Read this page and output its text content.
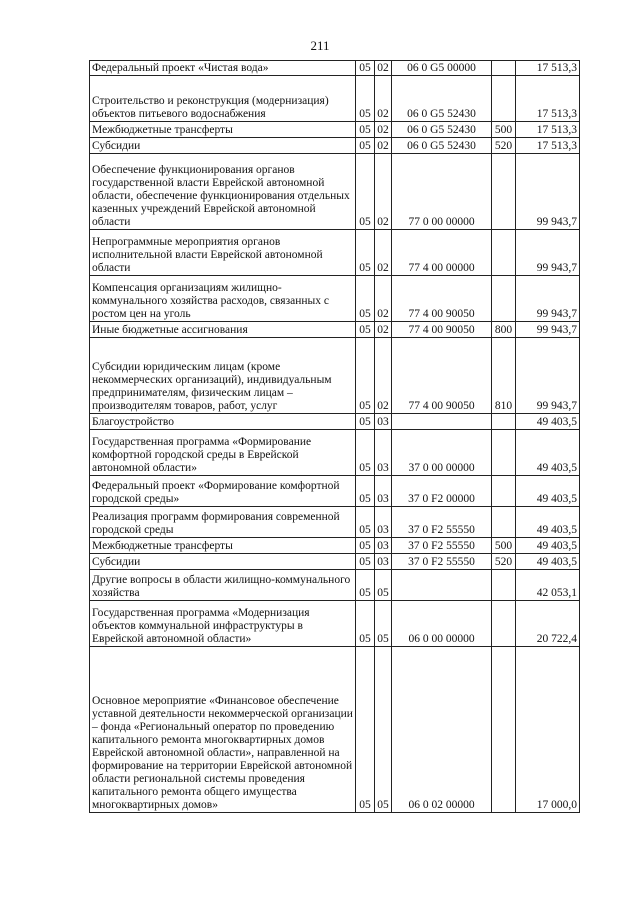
211
Федеральный проект «Чистая вода»	05	02	06 0 G5 00000		17 513,3
Строительство и реконструкция (модернизация) объектов питьевого водоснабжения	05	02	06 0 G5 52430		17 513,3
Межбюджетные трансферты	05	02	06 0 G5 52430	500	17 513,3
Субсидии	05	02	06 0 G5 52430	520	17 513,3
Обеспечение функционирования органов государственной власти Еврейской автономной области, обеспечение функционирования отдельных казенных учреждений Еврейской автономной области	05	02	77 0 00 00000		99 943,7
Непрограммные мероприятия органов исполнительной власти Еврейской автономной области	05	02	77 4 00 00000		99 943,7
Компенсация организациям жилищно-коммунального хозяйства расходов, связанных с ростом цен на уголь	05	02	77 4 00 90050		99 943,7
Иные бюджетные ассигнования	05	02	77 4 00 90050	800	99 943,7
Субсидии юридическим лицам (кроме некоммерческих организаций), индивидуальным предпринимателям, физическим лицам – производителям товаров, работ, услуг	05	02	77 4 00 90050	810	99 943,7
Благоустройство	05	03			49 403,5
Государственная программа «Формирование комфортной городской среды в Еврейской автономной области»	05	03	37 0 00 00000		49 403,5
Федеральный проект «Формирование комфортной городской среды»	05	03	37 0 F2 00000		49 403,5
Реализация программ формирования современной городской среды	05	03	37 0 F2 55550		49 403,5
Межбюджетные трансферты	05	03	37 0 F2 55550	500	49 403,5
Субсидии	05	03	37 0 F2 55550	520	49 403,5
Другие вопросы в области жилищно-коммунального хозяйства	05	05			42 053,1
Государственная программа «Модернизация объектов коммунальной инфраструктуры в Еврейской автономной области»	05	05	06 0 00 00000		20 722,4
Основное мероприятие «Финансовое обеспечение уставной деятельности некоммерческой организации – фонда «Региональный оператор по проведению капитального ремонта многоквартирных домов Еврейской автономной области», направленной на формирование на территории Еврейской автономной области региональной системы проведения капитального ремонта общего имущества многоквартирных домов»	05	05	06 0 02 00000		17 000,0
